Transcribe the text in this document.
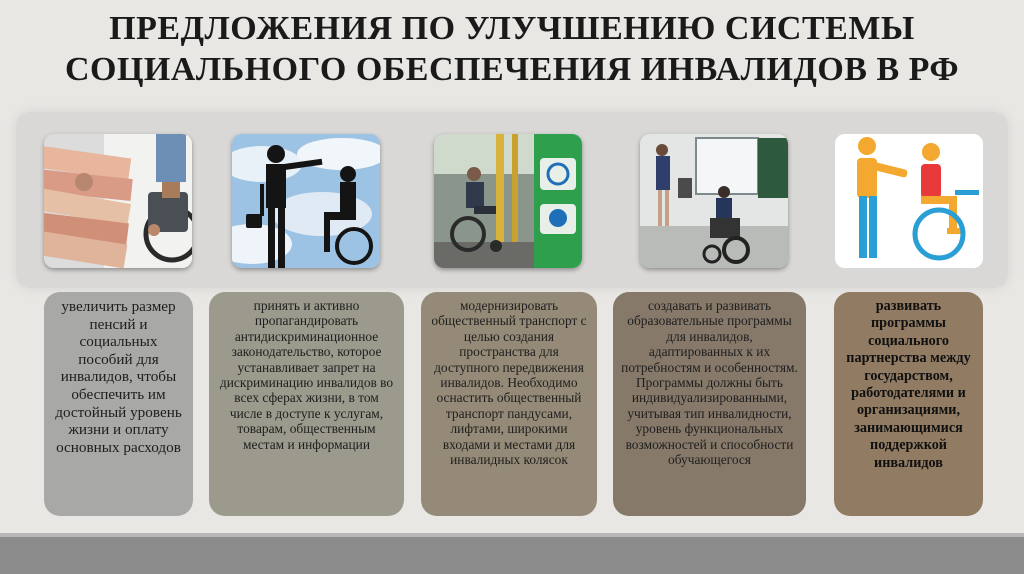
ПРЕДЛОЖЕНИЯ ПО УЛУЧШЕНИЮ СИСТЕМЫ
СОЦИАЛЬНОГО ОБЕСПЕЧЕНИЯ ИНВАЛИДОВ В РФ
увеличить размер пенсий и социальных пособий для инвалидов, чтобы обеспечить им достойный уровень жизни и оплату основных расходов
принять и активно пропагандировать антидискриминационное законодательство, которое устанавливает запрет на дискриминацию инвалидов во всех сферах жизни, в том числе в доступе к услугам, товарам, общественным местам и информации
модернизировать общественный транспорт с целью создания пространства для доступного передвижения инвалидов. Необходимо оснастить общественный транспорт пандусами, лифтами, широкими входами и местами для инвалидных колясок
создавать и развивать образовательные программы для инвалидов, адаптированных к их потребностям и особенностям. Программы должны быть индивидуализированными, учитывая тип инвалидности, уровень функциональных возможностей и способности обучающегося
развивать программы социального партнерства между государством, работодателями и организациями, занимающимися поддержкой инвалидов
